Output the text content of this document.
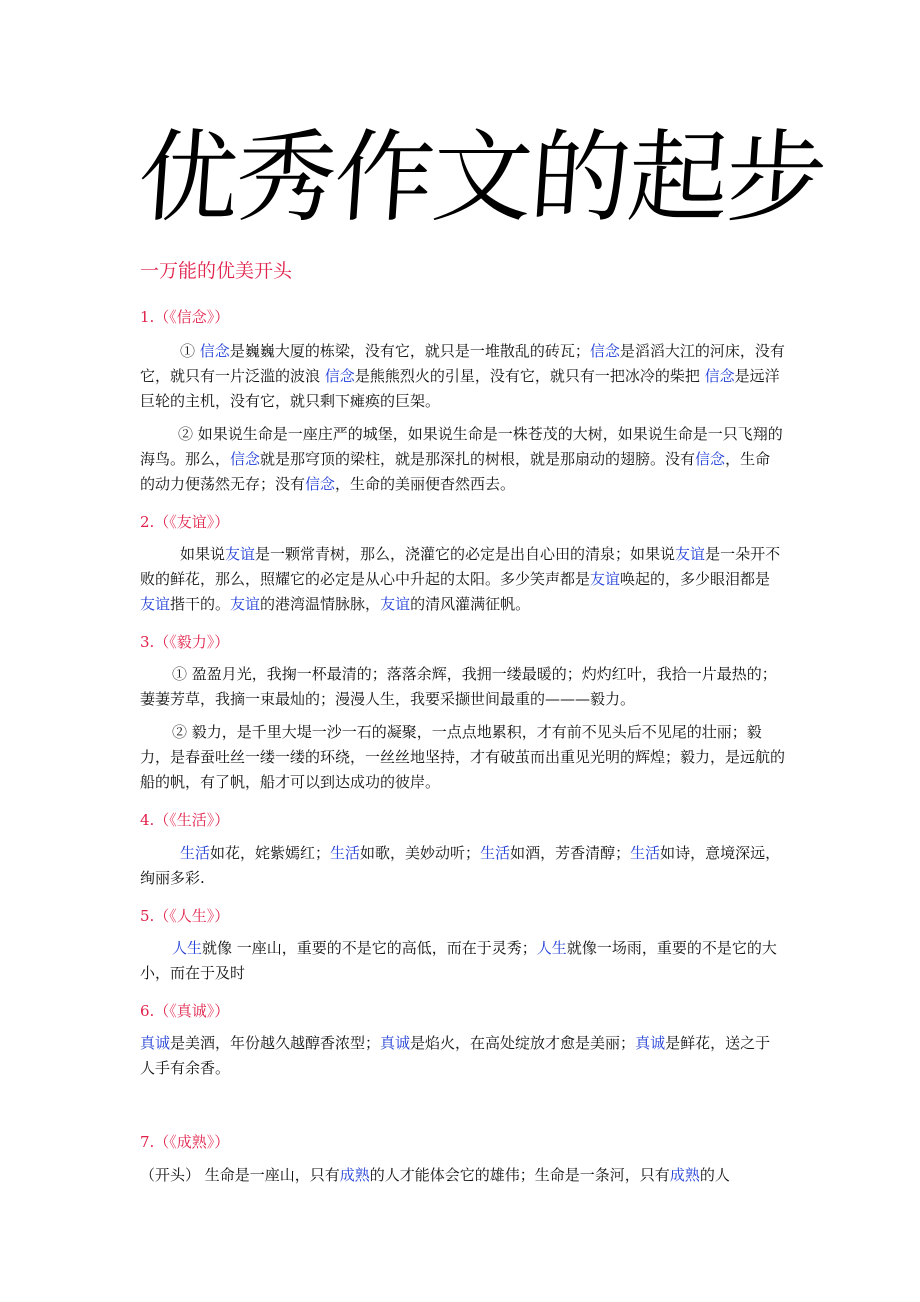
优秀作文的起步
一万能的优美开头
1.（《信念》）
① 信念是巍巍大厦的栋梁，没有它，就只是一堆散乱的砖瓦；信念是滔滔大江的河床，没有它，就只有一片泛滥的波浪 信念是熊熊烈火的引星，没有它，就只有一把冰冷的柴把 信念是远洋巨轮的主机，没有它，就只剩下瘫痪的巨架。
② 如果说生命是一座庄严的城堡，如果说生命是一株苍茂的大树，如果说生命是一只飞翔的海鸟。那么，信念就是那穹顶的梁柱，就是那深扎的树根，就是那扇动的翅膀。没有信念，生命的动力便荡然无存；没有信念，生命的美丽便杳然西去。
2.（《友谊》）
如果说友谊是一颗常青树，那么，浇灌它的必定是出自心田的清泉；如果说友谊是一朵开不败的鲜花，那么，照耀它的必定是从心中升起的太阳。多少笑声都是友谊唤起的，多少眼泪都是友谊揩干的。友谊的港湾温情脉脉，友谊的清风灌满征帆。
3.（《毅力》）
① 盈盈月光，我掬一杯最清的；落落余辉，我拥一缕最暖的；灼灼红叶，我拾一片最热的；萋萋芳草，我摘一束最灿的；漫漫人生，我要采撷世间最重的———毅力。
② 毅力，是千里大堤一沙一石的凝聚，一点点地累积，才有前不见头后不见尾的壮丽；毅力，是春蚕吐丝一缕一缕的环绕，一丝丝地坚持，才有破茧而出重见光明的辉煌；毅力，是远航的船的帆，有了帆，船才可以到达成功的彼岸。
4.（《生活》）
生活如花，姹紫嫣红；生活如歌，美妙动听；生活如酒，芳香清醇；生活如诗，意境深远，绚丽多彩.
5.（《人生》）
人生就像 一座山，重要的不是它的高低，而在于灵秀；人生就像一场雨，重要的不是它的大小，而在于及时
6.（《真诚》）
真诚是美酒，年份越久越醇香浓型；真诚是焰火，在高处绽放才愈是美丽；真诚是鲜花，送之于人手有余香。
7.（《成熟》）
（开头） 生命是一座山，只有成熟的人才能体会它的雄伟；生命是一条河，只有成熟的人
